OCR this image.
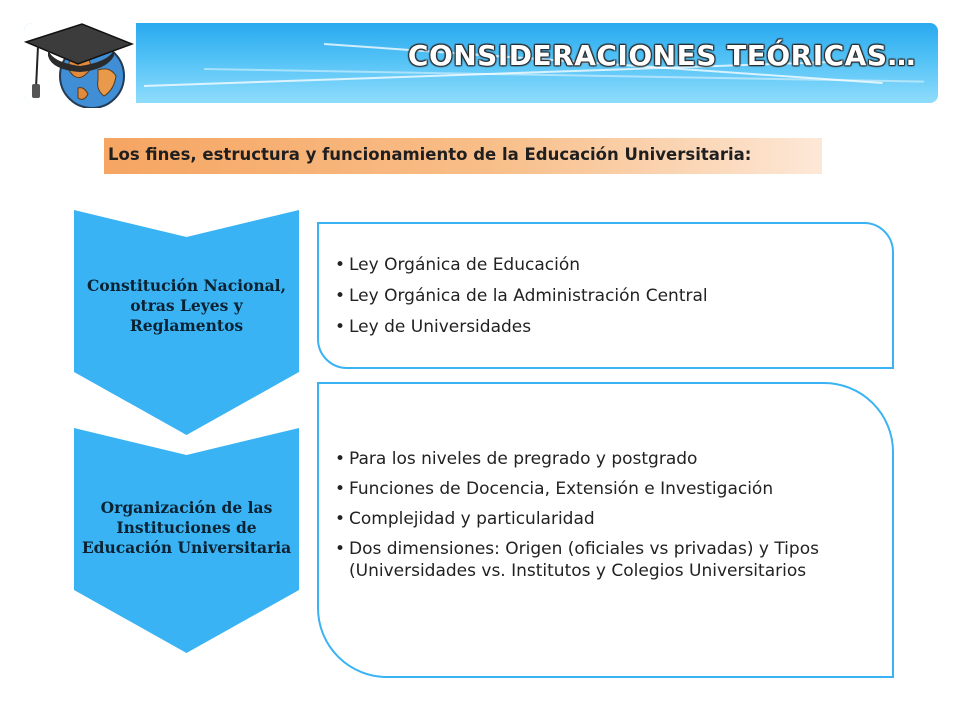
CONSIDERACIONES TEÓRICAS…
Los fines, estructura y funcionamiento de la Educación Universitaria:
Constitución Nacional, otras Leyes y Reglamentos
• Ley Orgánica de Educación
• Ley Orgánica de la Administración Central
• Ley de Universidades
Organización de las Instituciones de Educación Universitaria
• Para los niveles de pregrado y postgrado
• Funciones de Docencia, Extensión e Investigación
• Complejidad y particularidad
• Dos dimensiones: Origen (oficiales vs privadas) y Tipos (Universidades vs. Institutos y Colegios Universitarios
